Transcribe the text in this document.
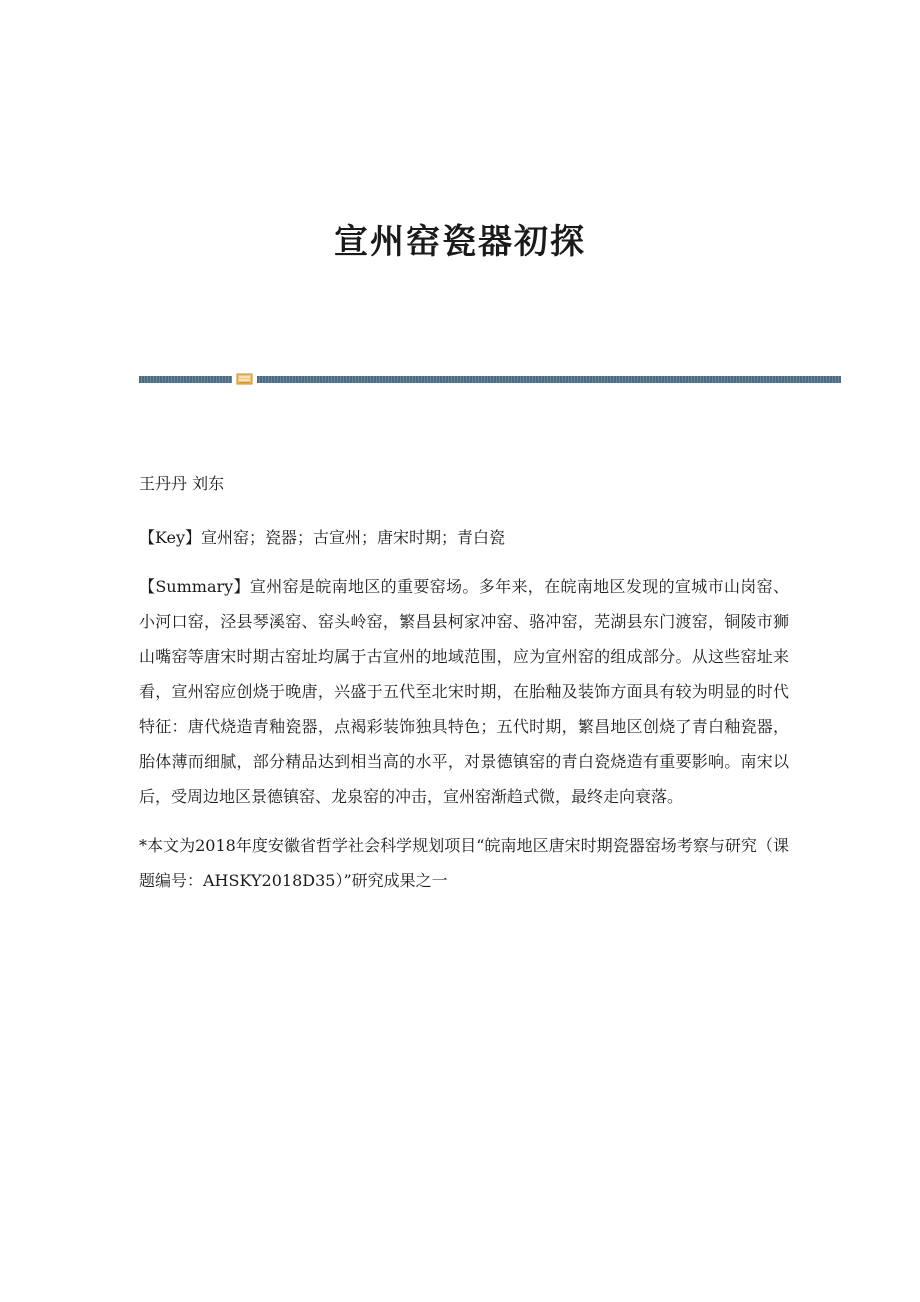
宣州窑瓷器初探

王丹丹 刘东

【Key】宣州窑；瓷器；古宣州；唐宋时期；青白瓷

【Summary】宣州窑是皖南地区的重要窑场。多年来，在皖南地区发现的宣城市山岗窑、小河口窑，泾县琴溪窑、窑头岭窑，繁昌县柯家冲窑、骆冲窑，芜湖县东门渡窑，铜陵市狮山嘴窑等唐宋时期古窑址均属于古宣州的地域范围，应为宣州窑的组成部分。从这些窑址来看，宣州窑应创烧于晚唐，兴盛于五代至北宋时期，在胎釉及装饰方面具有较为明显的时代特征：唐代烧造青釉瓷器，点褐彩装饰独具特色；五代时期，繁昌地区创烧了青白釉瓷器，胎体薄而细腻，部分精品达到相当高的水平，对景德镇窑的青白瓷烧造有重要影响。南宋以后，受周边地区景德镇窑、龙泉窑的冲击，宣州窑渐趋式微，最终走向衰落。

*本文为2018年度安徽省哲学社会科学规划项目“皖南地区唐宋时期瓷器窑场考察与研究（课题编号：AHSKY2018D35）”研究成果之一
